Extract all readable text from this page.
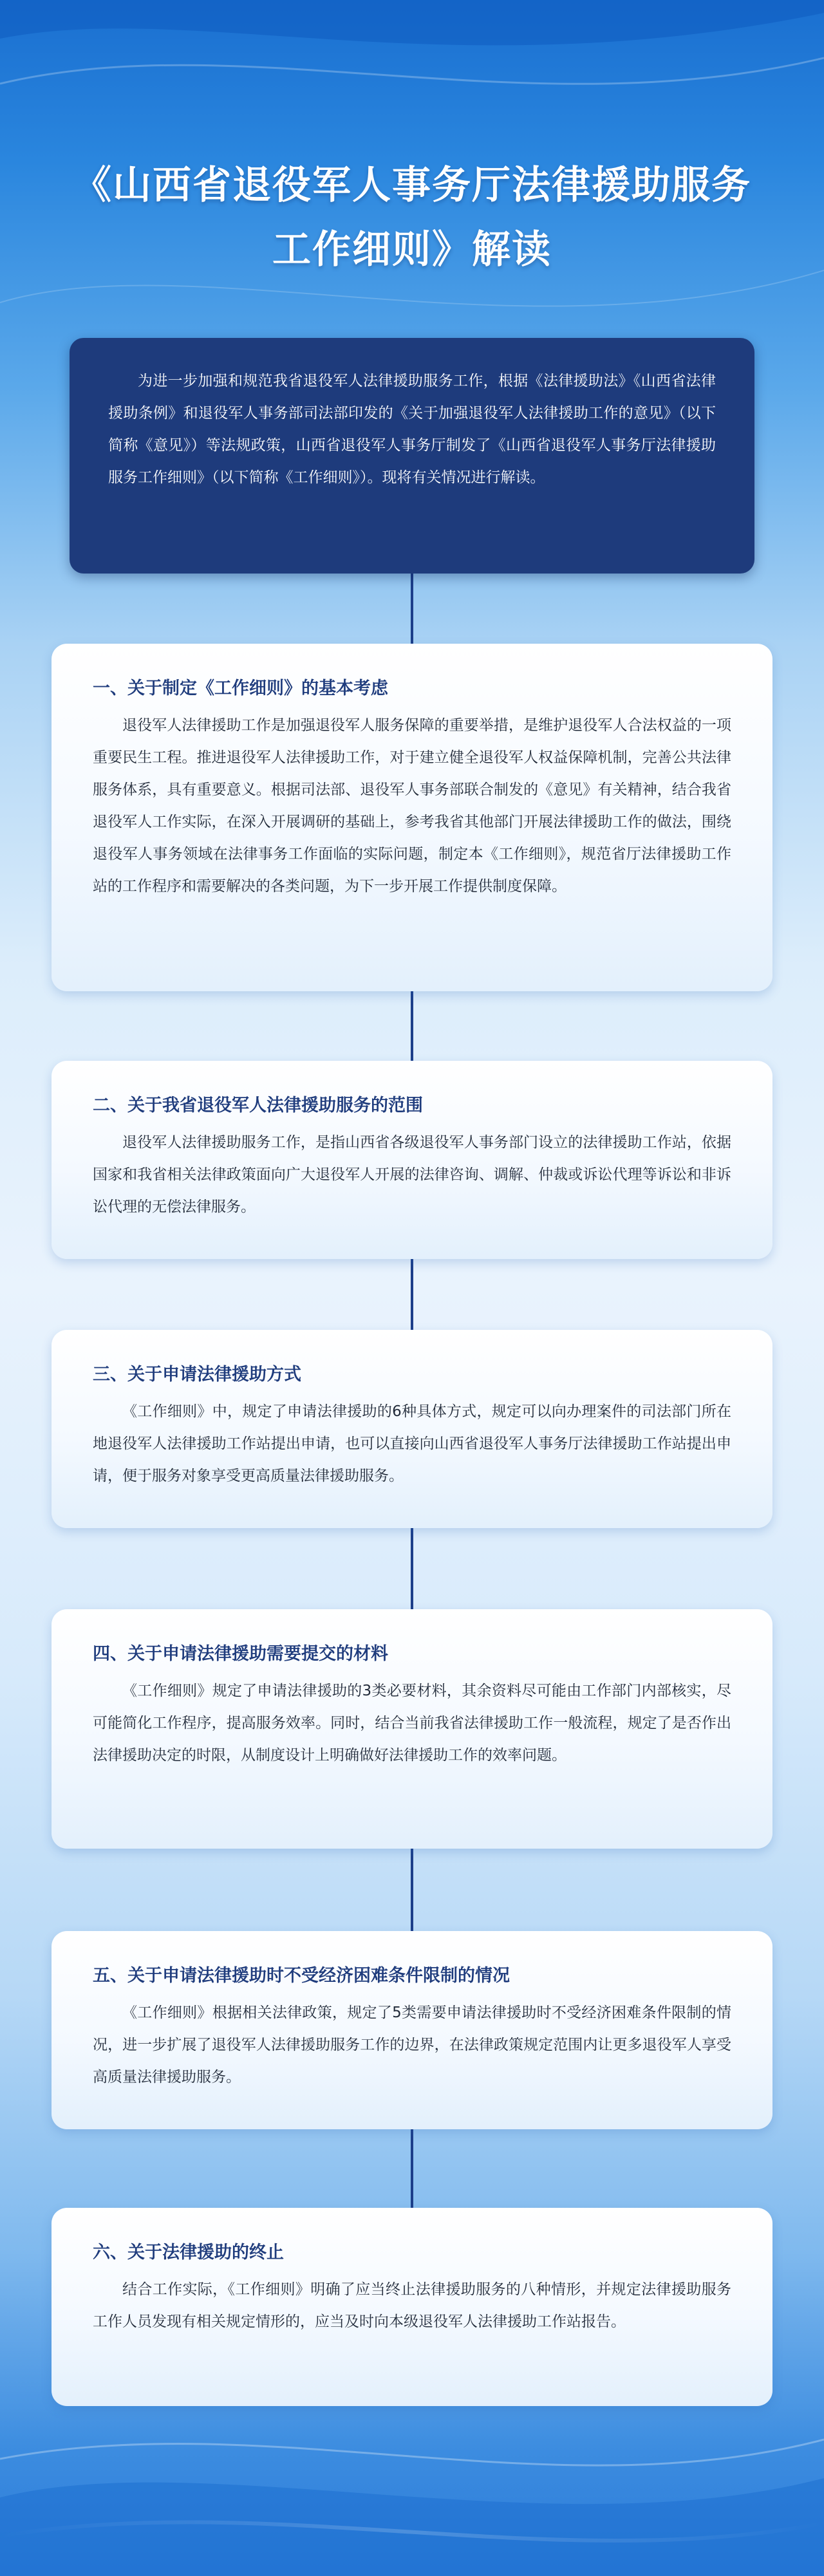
《山西省退役军人事务厅法律援助服务
工作细则》解读

为进一步加强和规范我省退役军人法律援助服务工作，根据《法律援助法》《山西省法律援助条例》和退役军人事务部司法部印发的《关于加强退役军人法律援助工作的意见》（以下简称《意见》）等法规政策，山西省退役军人事务厅制发了《山西省退役军人事务厅法律援助服务工作细则》（以下简称《工作细则》）。现将有关情况进行解读。

一、关于制定《工作细则》的基本考虑

退役军人法律援助工作是加强退役军人服务保障的重要举措，是维护退役军人合法权益的一项重要民生工程。推进退役军人法律援助工作，对于建立健全退役军人权益保障机制，完善公共法律服务体系，具有重要意义。根据司法部、退役军人事务部联合制发的《意见》有关精神，结合我省退役军人工作实际，在深入开展调研的基础上，参考我省其他部门开展法律援助工作的做法，围绕退役军人事务领域在法律事务工作面临的实际问题，制定本《工作细则》，规范省厅法律援助工作站的工作程序和需要解决的各类问题，为下一步开展工作提供制度保障。

二、关于我省退役军人法律援助服务的范围

退役军人法律援助服务工作，是指山西省各级退役军人事务部门设立的法律援助工作站，依据国家和我省相关法律政策面向广大退役军人开展的法律咨询、调解、仲裁或诉讼代理等诉讼和非诉讼代理的无偿法律服务。

三、关于申请法律援助方式

《工作细则》中，规定了申请法律援助的6种具体方式，规定可以向办理案件的司法部门所在地退役军人法律援助工作站提出申请，也可以直接向山西省退役军人事务厅法律援助工作站提出申请，便于服务对象享受更高质量法律援助服务。

四、关于申请法律援助需要提交的材料

《工作细则》规定了申请法律援助的3类必要材料，其余资料尽可能由工作部门内部核实，尽可能简化工作程序，提高服务效率。同时，结合当前我省法律援助工作一般流程，规定了是否作出法律援助决定的时限，从制度设计上明确做好法律援助工作的效率问题。

五、关于申请法律援助时不受经济困难条件限制的情况

《工作细则》根据相关法律政策，规定了5类需要申请法律援助时不受经济困难条件限制的情况，进一步扩展了退役军人法律援助服务工作的边界，在法律政策规定范围内让更多退役军人享受高质量法律援助服务。

六、关于法律援助的终止

结合工作实际，《工作细则》明确了应当终止法律援助服务的八种情形，并规定法律援助服务工作人员发现有相关规定情形的，应当及时向本级退役军人法律援助工作站报告。
